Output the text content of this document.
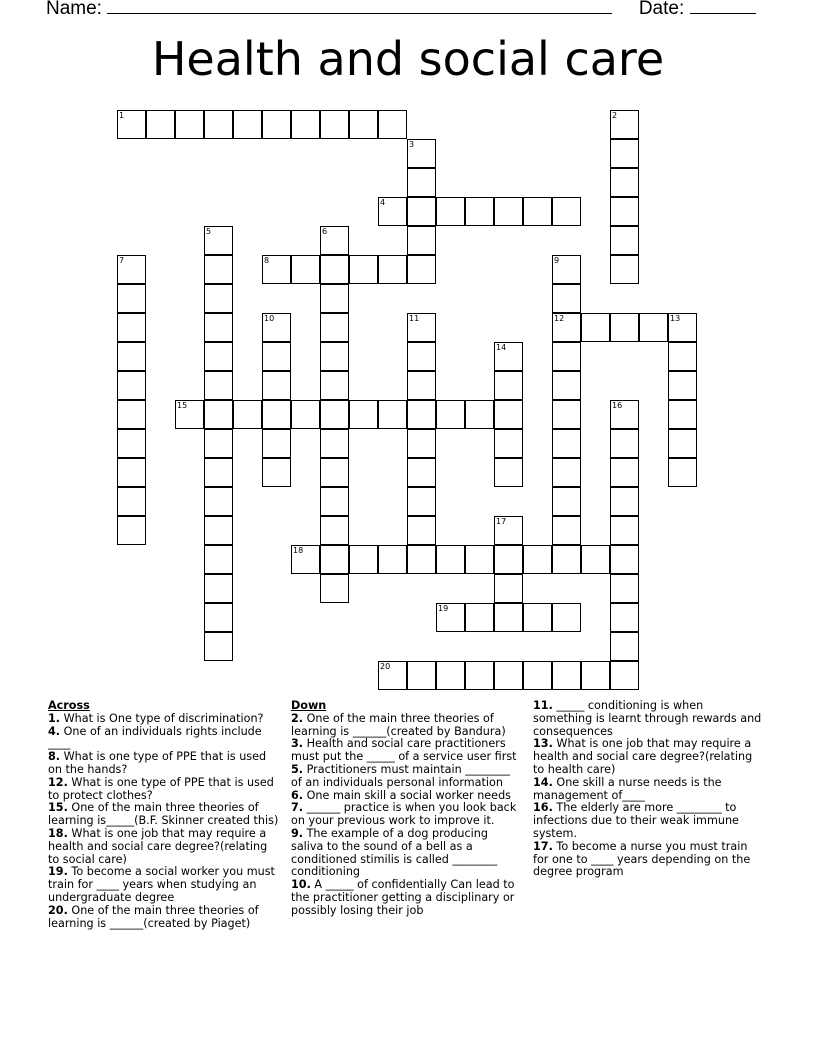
Name:	Date:
Health and social care
1	2
3
4
5	6
7	8	9
12
10	11	13
14
15	16
17
18
19
20
Across

1. What is One type of discrimination?

4. One of an individuals rights include ____

8. What is one type of PPE that is used on the hands?

12. What is one type of PPE that is used to protect clothes?

15. One of the main three theories of learning is_____(B.F. Skinner created this)

18. What is one job that may require a health and social care degree?(relating to social care)

19. To become a social worker you must train for ____ years when studying an undergraduate degree

20. One of the main three theories of learning is ______(created by Piaget)

Down

2. One of the main three theories of learning is ______(created by Bandura)

3. Health and social care practitioners must put the _____ of a service user first

5. Practitioners must maintain ________ of an individuals personal information

6. One main skill a social worker needs

7. ______ practice is when you look back on your previous work to improve it.

9. The example of a dog producing saliva to the sound of a bell as a conditioned stimilis is called ________ conditioning

10. A _____ of confidentially Can lead to the practitioner getting a disciplinary or possibly losing their job

11. _____ conditioning is when something is learnt through rewards and consequences

13. What is one job that may require a health and social care degree?(relating to health care)

14. One skill a nurse needs is the management of____

16. The elderly are more ________ to infections due to their weak immune system.

17. To become a nurse you must train for one to ____ years depending on the degree program
